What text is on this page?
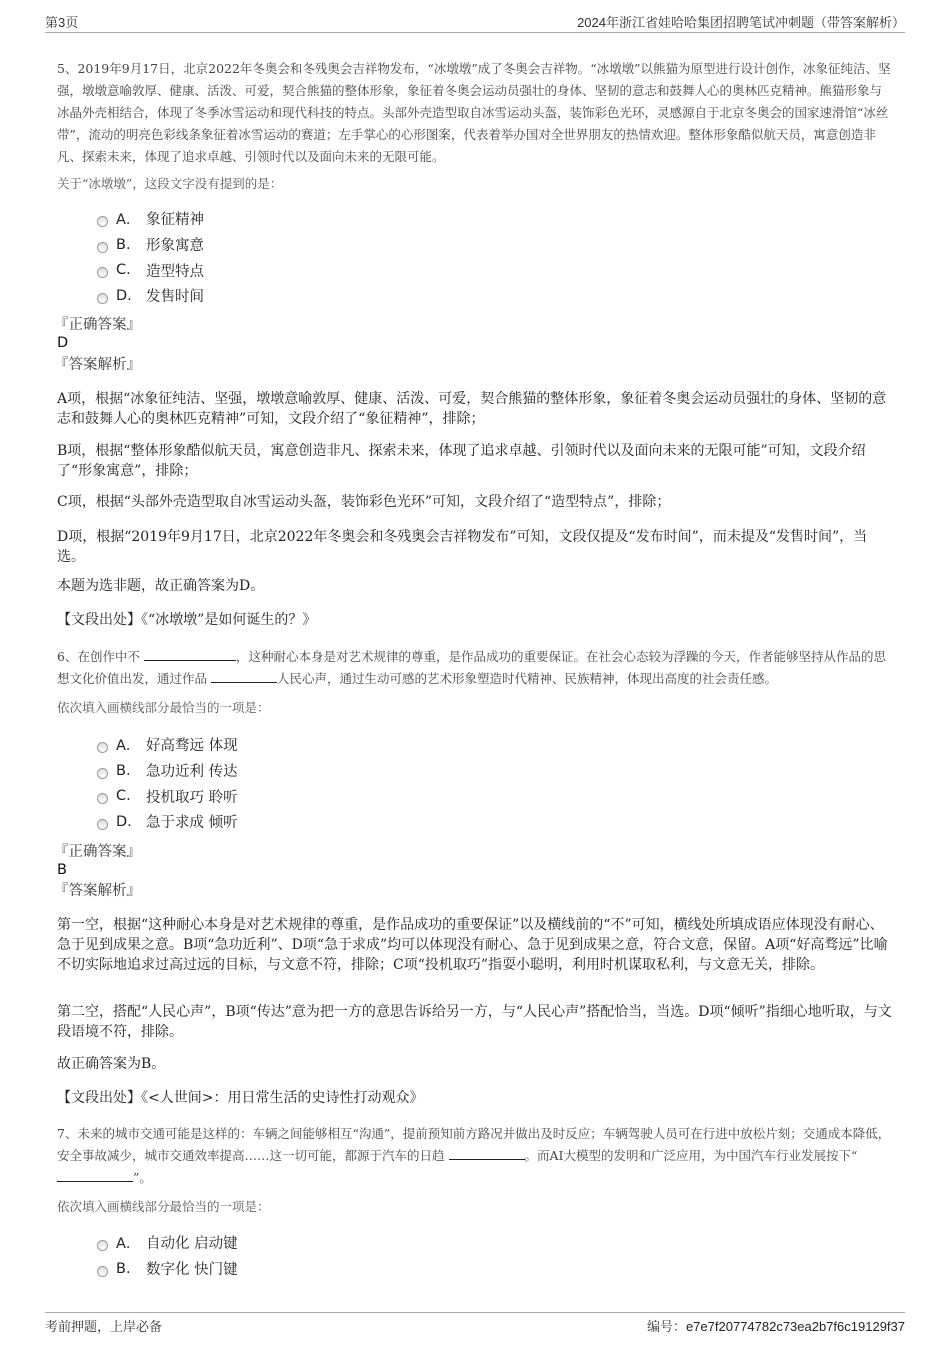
第3页	2024年浙江省娃哈哈集团招聘笔试冲刺题（带答案解析）
5、2019年9月17日，北京2022年冬奥会和冬残奥会吉祥物发布，“冰墩墩”成了冬奥会吉祥物。“冰墩墩”以熊猫为原型进行设计创作，冰象征纯洁、坚强，墩墩意喻敦厚、健康、活泼、可爱，契合熊猫的整体形象，象征着冬奥会运动员强壮的身体、坚韧的意志和鼓舞人心的奥林匹克精神。熊猫形象与冰晶外壳相结合，体现了冬季冰雪运动和现代科技的特点。头部外壳造型取自冰雪运动头盔，装饰彩色光环，灵感源自于北京冬奥会的国家速滑馆“冰丝带”，流动的明亮色彩线条象征着冰雪运动的赛道；左手掌心的心形图案，代表着举办国对全世界朋友的热情欢迎。整体形象酷似航天员，寓意创造非凡、探索未来，体现了追求卓越、引领时代以及面向未来的无限可能。
关于“冰墩墩”，这段文字没有提到的是：
A． 象征精神
B.	形象寓意
C.	造型特点
D. 发售时间
『正确答案』
D
『答案解析』
A项，根据“冰象征纯洁、坚强，墩墩意喻敦厚、健康、活泼、可爱，契合熊猫的整体形象，象征着冬奥会运动员强壮的身体、坚韧的意志和鼓舞人心的奥林匹克精神”可知，文段介绍了“象征精神”，排除；
B项，根据“整体形象酷似航天员，寓意创造非凡、探索未来，体现了追求卓越、引领时代以及面向未来的无限可能”可知，文段介绍了“形象寓意”，排除；
C项，根据“头部外壳造型取自冰雪运动头盔，装饰彩色光环”可知，文段介绍了“造型特点”，排除；
D项，根据“2019年9月17日，北京2022年冬奥会和冬残奥会吉祥物发布”可知，文段仅提及“发布时间”，而未提及“发售时间”，当选。
本题为选非题，故正确答案为D。
【文段出处】《“冰墩墩”是如何诞生的？》
6、在创作中不	，这种耐心本身是对艺术规律的尊重，是作品成功的重要保证。在社会心态较为浮躁的今天，作者能够坚持从作品的思想文化价值出发，通过作品	人民心声，通过生动可感的艺术形象塑造时代精神、民族精神，体现出高度的社会责任感。
依次填入画横线部分最恰当的一项是：
A． 好高骛远 体现
B.	急功近利 传达
C.	投机取巧 聆听
D. 急于求成 倾听
『正确答案』
B
『答案解析』
第一空，根据“这种耐心本身是对艺术规律的尊重，是作品成功的重要保证”以及横线前的“不”可知，横线处所填成语应体现没有耐心、急于见到成果之意。B项“急功近利”、D项“急于求成”均可以体现没有耐心、急于见到成果之意，符合文意，保留。A项“好高骛远”比喻不切实际地追求过高过远的目标，与文意不符，排除；C项“投机取巧”指耍小聪明，利用时机谋取私利，与文意无关，排除。
第二空，搭配“人民心声”，B项“传达”意为把一方的意思告诉给另一方，与“人民心声”搭配恰当，当选。D项“倾听”指细心地听取，与文段语境不符，排除。
故正确答案为B。
【文段出处】《<人世间>：用日常生活的史诗性打动观众》
7、未来的城市交通可能是这样的：车辆之间能够相互“沟通”，提前预知前方路况并做出及时反应；车辆驾驶人员可在行进中放松片刻；交通成本降低，安全事故减少，城市交通效率提高……这一切可能，都源于汽车的日趋	。而AI大模型的发明和广泛应用，为中国汽车行业发展按下“ ”。
依次填入画横线部分最恰当的一项是：
A． 自动化 启动键
B.	数字化 快门键
考前押题，上岸必备	编号：e7e7f20774782c73ea2b7f6c19129f37
